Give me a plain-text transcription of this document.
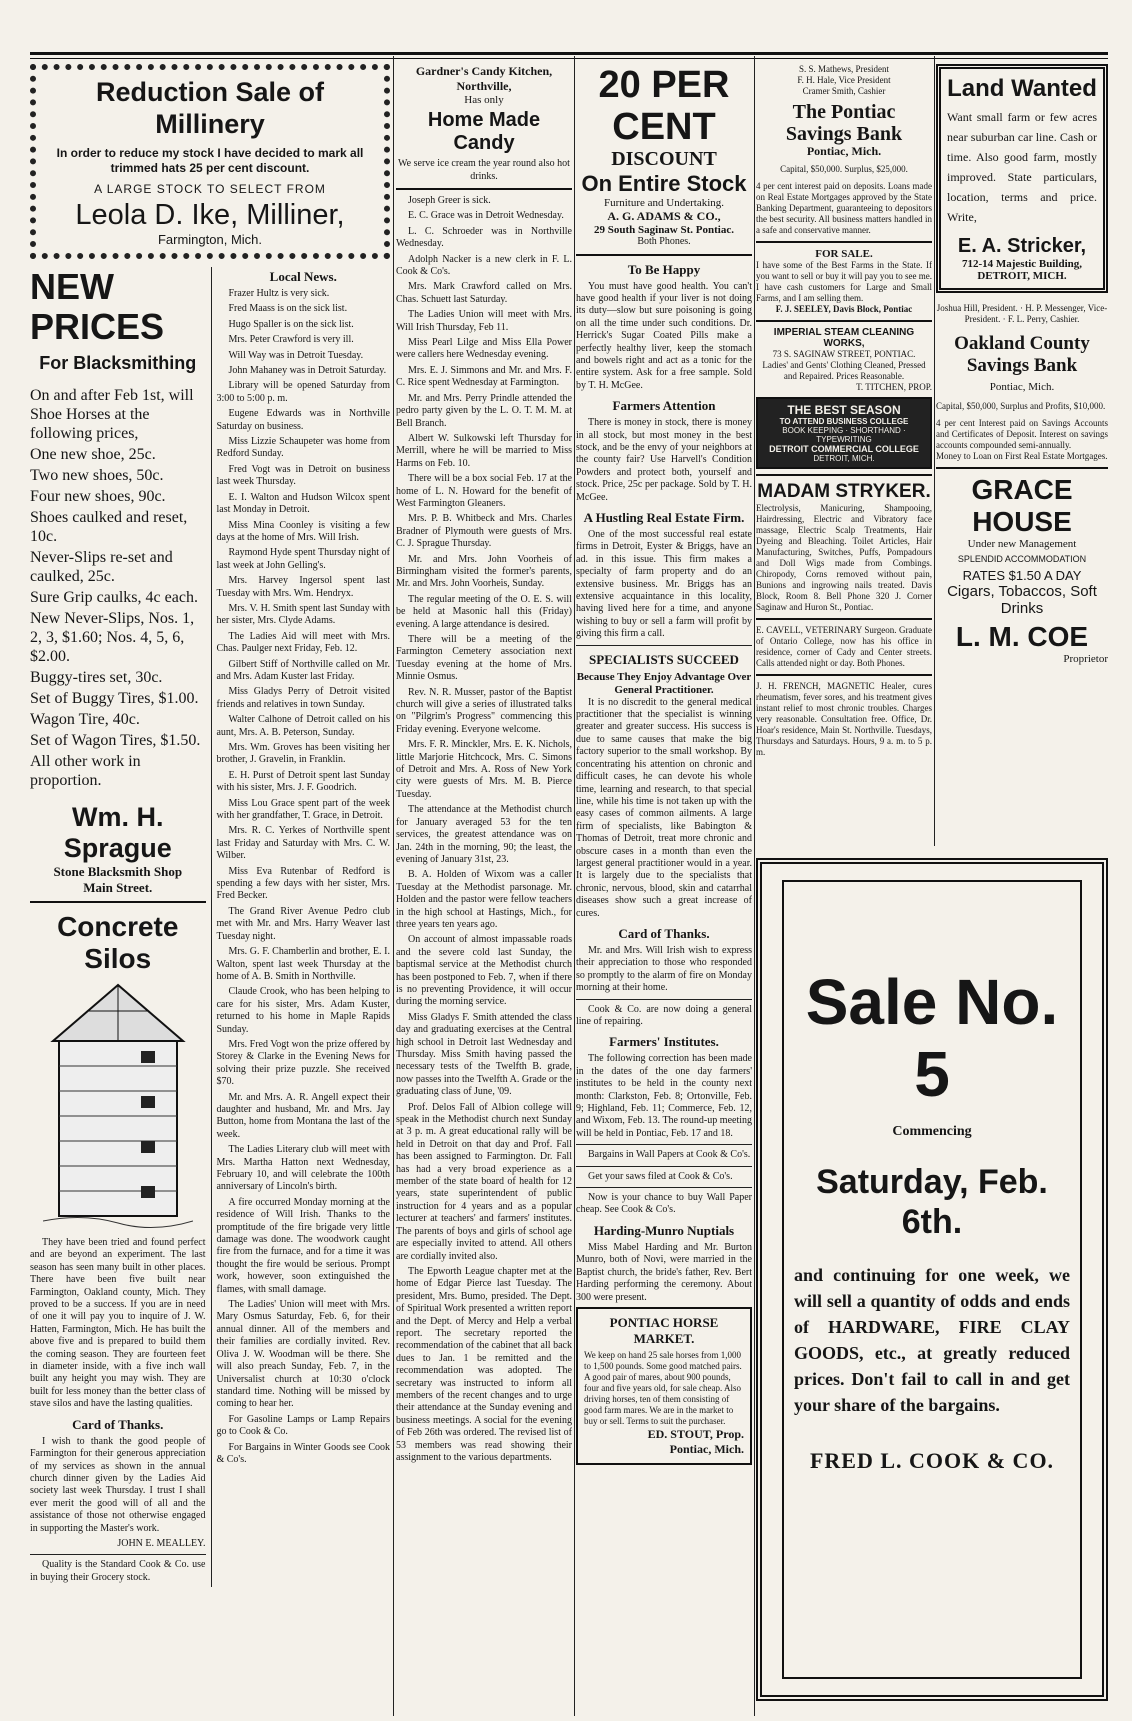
Reduction Sale of Millinery
In order to reduce my stock I have decided to mark all trimmed hats 25 per cent discount.
A LARGE STOCK TO SELECT FROM
Leola D. Ike, Milliner,
Farmington, Mich.
NEW PRICES
For Blacksmithing
On and after Feb 1st, will Shoe Horses at the following prices,
One new shoe, 25c.
Two new shoes, 50c.
Four new shoes, 90c.
Shoes caulked and reset, 10c.
Never-Slips re-set and caulked, 25c.
Sure Grip caulks, 4c each.
New Never-Slips, Nos. 1, 2, 3, $1.60; Nos. 4, 5, 6, $2.00.
Buggy-tires set, 30c.
Set of Buggy Tires, $1.00.
Wagon Tire, 40c.
Set of Wagon Tires, $1.50.
All other work in proportion.
Wm. H. Sprague
Stone Blacksmith Shop
Main Street.
Concrete Silos

They have been tried and found perfect and are beyond an experiment. The last season has seen many built in other places. There have been five built near Farmington, Oakland county, Mich. They proved to be a success. If you are in need of one it will pay you to inquire of J. W. Hatten, Farmington, Mich. He has built the above five and is prepared to build them the coming season. They are fourteen feet in diameter inside, with a five inch wall built any height you may wish. They are built for less money than the better class of stave silos and have the lasting qualities.

Card of Thanks.

I wish to thank the good people of Farmington for their generous appreciation of my services as shown in the annual church dinner given by the Ladies Aid society last week Thursday. I trust I shall ever merit the good will of all and the assistance of those not otherwise engaged in supporting the Master's work.

JOHN E. MEALLEY.

Quality is the Standard Cook & Co. use in buying their Grocery stock.

Local News.

Frazer Hultz is very sick.

Fred Maass is on the sick list.

Hugo Spaller is on the sick list.

Mrs. Peter Crawford is very ill.

Will Way was in Detroit Tuesday.

John Mahaney was in Detroit Saturday.

Library will be opened Saturday from 3:00 to 5:00 p. m.

Eugene Edwards was in Northville Saturday on business.

Miss Lizzie Schaupeter was home from Redford Sunday.

Fred Vogt was in Detroit on business last week Thursday.

E. I. Walton and Hudson Wilcox spent last Monday in Detroit.

Miss Mina Coonley is visiting a few days at the home of Mrs. Will Irish.

Raymond Hyde spent Thursday night of last week at John Gelling's.

Mrs. Harvey Ingersol spent last Tuesday with Mrs. Wm. Hendryx.

Mrs. V. H. Smith spent last Sunday with her sister, Mrs. Clyde Adams.

The Ladies Aid will meet with Mrs. Chas. Paulger next Friday, Feb. 12.

Gilbert Stiff of Northville called on Mr. and Mrs. Adam Kuster last Friday.

Miss Gladys Perry of Detroit visited friends and relatives in town Sunday.

Walter Calhone of Detroit called on his aunt, Mrs. A. B. Peterson, Sunday.

Mrs. Wm. Groves has been visiting her brother, J. Gravelin, in Franklin.

E. H. Purst of Detroit spent last Sunday with his sister, Mrs. J. F. Goodrich.

Miss Lou Grace spent part of the week with her grandfather, T. Grace, in Detroit.

Mrs. R. C. Yerkes of Northville spent last Friday and Saturday with Mrs. C. W. Wilber.

Miss Eva Rutenbar of Redford is spending a few days with her sister, Mrs. Fred Becker.

The Grand River Avenue Pedro club met with Mr. and Mrs. Harry Weaver last Tuesday night.

Mrs. G. F. Chamberlin and brother, E. I. Walton, spent last week Thursday at the home of A. B. Smith in Northville.

Claude Crook, who has been helping to care for his sister, Mrs. Adam Kuster, returned to his home in Maple Rapids Sunday.

Mrs. Fred Vogt won the prize offered by Storey & Clarke in the Evening News for solving their prize puzzle. She received $70.

Mr. and Mrs. A. R. Angell expect their daughter and husband, Mr. and Mrs. Jay Button, home from Montana the last of the week.

The Ladies Literary club will meet with Mrs. Martha Hatton next Wednesday, February 10, and will celebrate the 100th anniversary of Lincoln's birth.

A fire occurred Monday morning at the residence of Will Irish. Thanks to the promptitude of the fire brigade very little damage was done. The woodwork caught fire from the furnace, and for a time it was thought the fire would be serious. Prompt work, however, soon extinguished the flames, with small damage.

The Ladies' Union will meet with Mrs. Mary Osmus Saturday, Feb. 6, for their annual dinner. All of the members and their families are cordially invited. Rev. Oliva J. W. Woodman will be there. She will also preach Sunday, Feb. 7, in the Universalist church at 10:30 o'clock standard time. Nothing will be missed by coming to hear her.

For Gasoline Lamps or Lamp Repairs go to Cook & Co.

For Bargains in Winter Goods see Cook & Co's.

Gardner's Candy Kitchen,
Northville,
Has only
Home Made Candy
We serve ice cream the year round also hot drinks.

Joseph Greer is sick.

E. C. Grace was in Detroit Wednesday.

L. C. Schroeder was in Northville Wednesday.

Adolph Nacker is a new clerk in F. L. Cook & Co's.

Mrs. Mark Crawford called on Mrs. Chas. Schuett last Saturday.

The Ladies Union will meet with Mrs. Will Irish Thursday, Feb 11.

Miss Pearl Lilge and Miss Ella Power were callers here Wednesday evening.

Mrs. E. J. Simmons and Mr. and Mrs. F. C. Rice spent Wednesday at Farmington.

Mr. and Mrs. Perry Prindle attended the pedro party given by the L. O. T. M. M. at Bell Branch.

Albert W. Sulkowski left Thursday for Merrill, where he will be married to Miss Harms on Feb. 10.

There will be a box social Feb. 17 at the home of L. N. Howard for the benefit of West Farmington Gleaners.

Mrs. P. B. Whitbeck and Mrs. Charles Bradner of Plymouth were guests of Mrs. C. J. Sprague Thursday.

Mr. and Mrs. John Voorheis of Birmingham visited the former's parents, Mr. and Mrs. John Voorheis, Sunday.

The regular meeting of the O. E. S. will be held at Masonic hall this (Friday) evening. A large attendance is desired.

There will be a meeting of the Farmington Cemetery association next Tuesday evening at the home of Mrs. Minnie Osmus.

Rev. N. R. Musser, pastor of the Baptist church will give a series of illustrated talks on "Pilgrim's Progress" commencing this Friday evening. Everyone welcome.

Mrs. F. R. Minckler, Mrs. E. K. Nichols, little Marjorie Hitchcock, Mrs. C. Simons of Detroit and Mrs. A. Ross of New York city were guests of Mrs. M. B. Pierce Tuesday.

The attendance at the Methodist church for January averaged 53 for the ten services, the greatest attendance was on Jan. 24th in the morning, 90; the least, the evening of January 31st, 23.

B. A. Holden of Wixom was a caller Tuesday at the Methodist parsonage. Mr. Holden and the pastor were fellow teachers in the high school at Hastings, Mich., for three years ten years ago.

On account of almost impassable roads and the severe cold last Sunday, the baptismal service at the Methodist church has been postponed to Feb. 7, when if there is no preventing Providence, it will occur during the morning service.

Miss Gladys F. Smith attended the class day and graduating exercises at the Central high school in Detroit last Wednesday and Thursday. Miss Smith having passed the necessary tests of the Twelfth B. grade, now passes into the Twelfth A. Grade or the graduating class of June, '09.

Prof. Delos Fall of Albion college will speak in the Methodist church next Sunday at 3 p. m. A great educational rally will be held in Detroit on that day and Prof. Fall has been assigned to Farmington. Dr. Fall has had a very broad experience as a member of the state board of health for 12 years, state superintendent of public instruction for 4 years and as a popular lecturer at teachers' and farmers' institutes. The parents of boys and girls of school age are especially invited to attend. All others are cordially invited also.

The Epworth League chapter met at the home of Edgar Pierce last Tuesday. The president, Mrs. Bumo, presided. The Dept. of Spiritual Work presented a written report and the Dept. of Mercy and Help a verbal report. The secretary reported the recommendation of the cabinet that all back dues to Jan. 1 be remitted and the recommendation was adopted. The secretary was instructed to inform all members of the recent changes and to urge their attendance at the Sunday evening and business meetings. A social for the evening of Feb 26th was ordered. The revised list of 53 members was read showing their assignment to the various departments.

20 PER CENT
DISCOUNT
On Entire Stock
Furniture and Undertaking.
A. G. ADAMS & CO.,
29 South Saginaw St. Pontiac.
Both Phones.
To Be Happy

You must have good health. You can't have good health if your liver is not doing its duty—slow but sure poisoning is going on all the time under such conditions. Dr. Herrick's Sugar Coated Pills make a perfectly healthy liver, keep the stomach and bowels right and act as a tonic for the entire system. Ask for a free sample. Sold by T. H. McGee.

Farmers Attention

There is money in stock, there is money in all stock, but most money in the best stock, and be the envy of your neighbors at the county fair? Use Harvell's Condition Powders and protect both, yourself and stock. Price, 25c per package. Sold by T. H. McGee.

A Hustling Real Estate Firm.

One of the most successful real estate firms in Detroit, Eyster & Briggs, have an ad. in this issue. This firm makes a specialty of farm property and do an extensive business. Mr. Briggs has an extensive acquaintance in this locality, having lived here for a time, and anyone wishing to buy or sell a farm will profit by giving this firm a call.

SPECIALISTS SUCCEED
Because They Enjoy Advantage Over General Practitioner.

It is no discredit to the general medical practitioner that the specialist is winning greater and greater success. His success is due to same causes that make the big factory superior to the small workshop. By concentrating his attention on chronic and difficult cases, he can devote his whole time, learning and research, to that special line, while his time is not taken up with the easy cases of common ailments. A large firm of specialists, like Babington & Thomas of Detroit, treat more chronic and obscure cases in a month than even the largest general practitioner would in a year. It is largely due to the specialists that chronic, nervous, blood, skin and catarrhal diseases show such a great increase of cures.

Card of Thanks.

Mr. and Mrs. Will Irish wish to express their appreciation to those who responded so promptly to the alarm of fire on Monday morning at their home.

Cook & Co. are now doing a general line of repairing.

Farmers' Institutes.

The following correction has been made in the dates of the one day farmers' institutes to be held in the county next month: Clarkston, Feb. 8; Ortonville, Feb. 9; Highland, Feb. 11; Commerce, Feb. 12, and Wixom, Feb. 13. The round-up meeting will be held in Pontiac, Feb. 17 and 18.

Bargains in Wall Papers at Cook & Co's.

Get your saws filed at Cook & Co's.

Now is your chance to buy Wall Paper cheap. See Cook & Co's.

Harding-Munro Nuptials

Miss Mabel Harding and Mr. Burton Munro, both of Novi, were married in the Baptist church, the bride's father, Rev. Bert Harding performing the ceremony. About 300 were present.

PONTIAC HORSE MARKET.
We keep on hand 25 sale horses from 1,000 to 1,500 pounds. Some good matched pairs. A good pair of mares, about 900 pounds, four and five years old, for sale cheap. Also driving horses, ten of them consisting of good farm mares. We are in the market to buy or sell. Terms to suit the purchaser.
ED. STOUT, Prop.
Pontiac, Mich.
S. S. Mathews, President
F. H. Hale, Vice President
Cramer Smith, Cashier
The Pontiac
Savings Bank
Pontiac, Mich.
Capital, $50,000. Surplus, $25,000.
4 per cent interest paid on deposits. Loans made on Real Estate Mortgages approved by the State Banking Department, guaranteeing to depositors the best security. All business matters handled in a safe and conservative manner.
FOR SALE.
I have some of the Best Farms in the State. If you want to sell or buy it will pay you to see me. I have cash customers for Large and Small Farms, and I am selling them.
F. J. SEELEY, Davis Block, Pontiac
IMPERIAL STEAM CLEANING WORKS,
73 S. SAGINAW STREET, PONTIAC.
Ladies' and Gents' Clothing Cleaned, Pressed and Repaired. Prices Reasonable.
T. TITCHEN, PROP.
THE BEST SEASON
TO ATTEND BUSINESS COLLEGE
BOOK KEEPING · SHORTHAND · TYPEWRITING
DETROIT COMMERCIAL COLLEGE
DETROIT, MICH.
MADAM STRYKER.
Electrolysis, Manicuring, Shampooing, Hairdressing, Electric and Vibratory face massage, Electric Scalp Treatments, Hair Dyeing and Bleaching. Toilet Articles, Hair Manufacturing, Switches, Puffs, Pompadours and Doll Wigs made from Combings. Chiropody, Corns removed without pain, Bunions and ingrowing nails treated. Davis Block, Room 8. Bell Phone 320 J. Corner Saginaw and Huron St., Pontiac.
E. CAVELL, VETERINARY Surgeon. Graduate of Ontario College, now has his office in residence, corner of Cady and Center streets. Calls attended night or day. Both Phones.
J. H. FRENCH, MAGNETIC Healer, cures rheumatism, fever sores, and his treatment gives instant relief to most chronic troubles. Charges very reasonable. Consultation free. Office, Dr. Hoar's residence, Main St. Northville. Tuesdays, Thursdays and Saturdays. Hours, 9 a. m. to 5 p. m.
Land Wanted
Want small farm or few acres near suburban car line. Cash or time. Also good farm, mostly improved. State particulars, location, terms and price. Write,
E. A. Stricker,
712-14 Majestic Building,
DETROIT, MICH.
Joshua Hill, President. · H. P. Messenger, Vice-President. · F. L. Perry, Cashier.
Oakland County
Savings Bank
Pontiac, Mich.
Capital, $50,000, Surplus and Profits, $10,000.
4 per cent Interest paid on Savings Accounts and Certificates of Deposit. Interest on savings accounts compounded semi-annually.
Money to Loan on First Real Estate Mortgages.
GRACE HOUSE
Under new Management
SPLENDID ACCOMMODATION
RATES $1.50 A DAY
Cigars, Tobaccos, Soft Drinks
L. M. COE
Proprietor
Sale No. 5
Commencing
Saturday, Feb. 6th.
and continuing for one week, we will sell a quantity of odds and ends of HARDWARE, FIRE CLAY GOODS, etc., at greatly reduced prices. Don't fail to call in and get your share of the bargains.
FRED L. COOK & CO.
